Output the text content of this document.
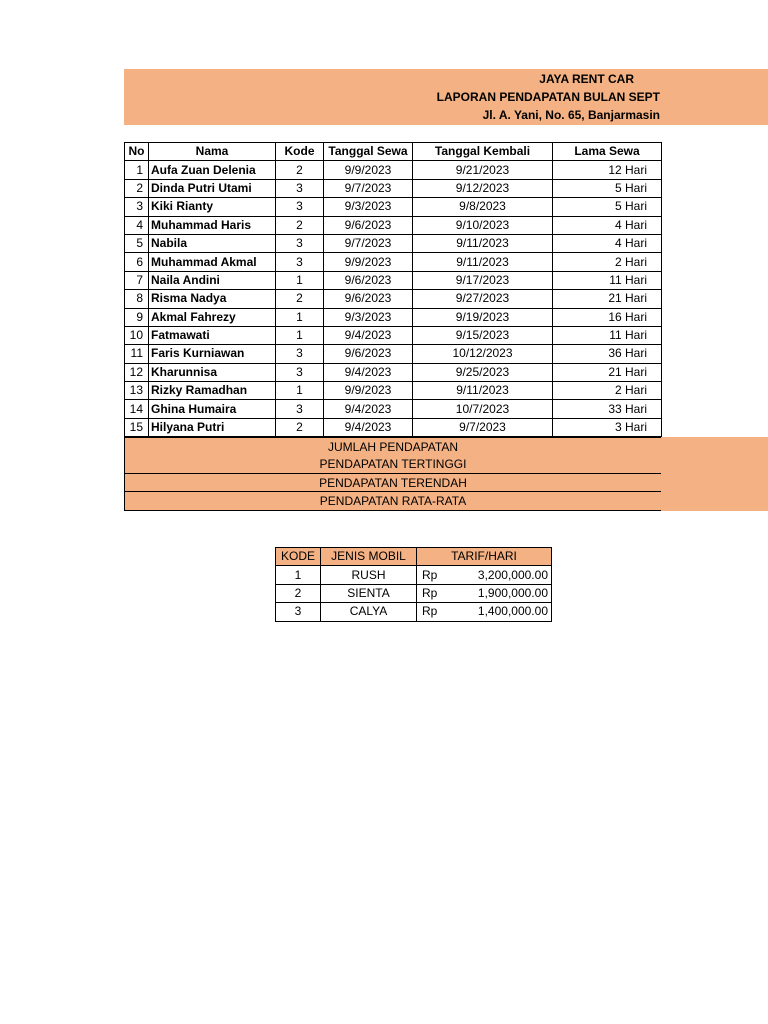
JAYA RENT CAR
LAPORAN PENDAPATAN BULAN SEPT
Jl. A. Yani, No. 65, Banjarmasin
No	Nama	Kode	Tanggal Sewa	Tanggal Kembali	Lama Sewa
1	Aufa Zuan Delenia	2	9/9/2023	9/21/2023	12 Hari
2	Dinda Putri Utami	3	9/7/2023	9/12/2023	5 Hari
3	Kiki Rianty	3	9/3/2023	9/8/2023	5 Hari
4	Muhammad Haris	2	9/6/2023	9/10/2023	4 Hari
5	Nabila	3	9/7/2023	9/11/2023	4 Hari
6	Muhammad Akmal	3	9/9/2023	9/11/2023	2 Hari
7	Naila Andini	1	9/6/2023	9/17/2023	11 Hari
8	Risma Nadya	2	9/6/2023	9/27/2023	21 Hari
9	Akmal Fahrezy	1	9/3/2023	9/19/2023	16 Hari
10	Fatmawati	1	9/4/2023	9/15/2023	11 Hari
11	Faris Kurniawan	3	9/6/2023	10/12/2023	36 Hari
12	Kharunnisa	3	9/4/2023	9/25/2023	21 Hari
13	Rizky Ramadhan	1	9/9/2023	9/11/2023	2 Hari
14	Ghina Humaira	3	9/4/2023	10/7/2023	33 Hari
15	Hilyana Putri	2	9/4/2023	9/7/2023	3 Hari
JUMLAH PENDAPATAN
PENDAPATAN TERTINGGI
PENDAPATAN TERENDAH
PENDAPATAN RATA-RATA
KODE	JENIS MOBIL	TARIF/HARI	
1	RUSH	Rp	3,200,000.00
2	SIENTA	Rp	1,900,000.00
3	CALYA	Rp	1,400,000.00
